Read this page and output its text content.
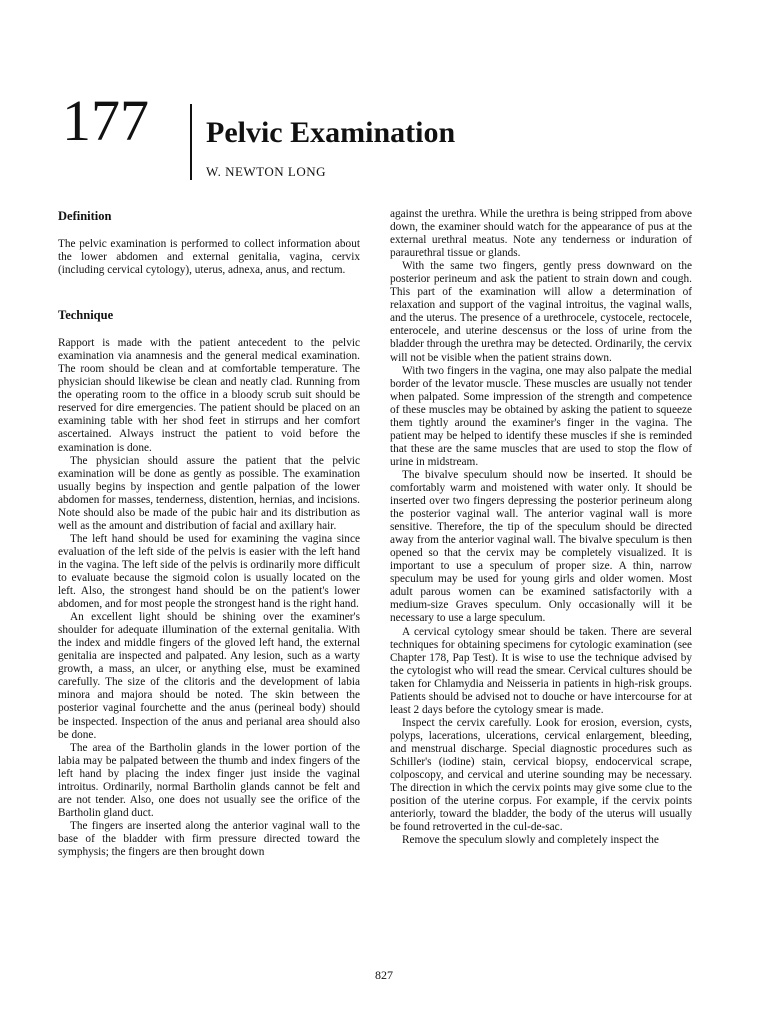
177 Pelvic Examination
W. NEWTON LONG
Definition

The pelvic examination is performed to collect information about the lower abdomen and external genitalia, vagina, cervix (including cervical cytology), uterus, adnexa, anus, and rectum.

Technique

Rapport is made with the patient antecedent to the pelvic examination via anamnesis and the general medical examination. The room should be clean and at comfortable temperature. The physician should likewise be clean and neatly clad. Running from the operating room to the office in a bloody scrub suit should be reserved for dire emergencies. The patient should be placed on an examining table with her shod feet in stirrups and her comfort ascertained. Always instruct the patient to void before the examination is done.

The physician should assure the patient that the pelvic examination will be done as gently as possible. The examination usually begins by inspection and gentle palpation of the lower abdomen for masses, tenderness, distention, hernias, and incisions. Note should also be made of the pubic hair and its distribution as well as the amount and distribution of facial and axillary hair.

The left hand should be used for examining the vagina since evaluation of the left side of the pelvis is easier with the left hand in the vagina. The left side of the pelvis is ordinarily more difficult to evaluate because the sigmoid colon is usually located on the left. Also, the strongest hand should be on the patient's lower abdomen, and for most people the strongest hand is the right hand.

An excellent light should be shining over the examiner's shoulder for adequate illumination of the external genitalia. With the index and middle fingers of the gloved left hand, the external genitalia are inspected and palpated. Any lesion, such as a warty growth, a mass, an ulcer, or anything else, must be examined carefully. The size of the clitoris and the development of labia minora and majora should be noted. The skin between the posterior vaginal fourchette and the anus (perineal body) should be inspected. Inspection of the anus and perianal area should also be done.

The area of the Bartholin glands in the lower portion of the labia may be palpated between the thumb and index fingers of the left hand by placing the index finger just inside the vaginal introitus. Ordinarily, normal Bartholin glands cannot be felt and are not tender. Also, one does not usually see the orifice of the Bartholin gland duct.

The fingers are inserted along the anterior vaginal wall to the base of the bladder with firm pressure directed toward the symphysis; the fingers are then brought down

against the urethra. While the urethra is being stripped from above down, the examiner should watch for the appearance of pus at the external urethral meatus. Note any tenderness or induration of paraurethral tissue or glands.

With the same two fingers, gently press downward on the posterior perineum and ask the patient to strain down and cough. This part of the examination will allow a determination of relaxation and support of the vaginal introitus, the vaginal walls, and the uterus. The presence of a urethrocele, cystocele, rectocele, enterocele, and uterine descensus or the loss of urine from the bladder through the urethra may be detected. Ordinarily, the cervix will not be visible when the patient strains down.

With two fingers in the vagina, one may also palpate the medial border of the levator muscle. These muscles are usually not tender when palpated. Some impression of the strength and competence of these muscles may be obtained by asking the patient to squeeze them tightly around the examiner's finger in the vagina. The patient may be helped to identify these muscles if she is reminded that these are the same muscles that are used to stop the flow of urine in midstream.

The bivalve speculum should now be inserted. It should be comfortably warm and moistened with water only. It should be inserted over two fingers depressing the posterior perineum along the posterior vaginal wall. The anterior vaginal wall is more sensitive. Therefore, the tip of the speculum should be directed away from the anterior vaginal wall. The bivalve speculum is then opened so that the cervix may be completely visualized. It is important to use a speculum of proper size. A thin, narrow speculum may be used for young girls and older women. Most adult parous women can be examined satisfactorily with a medium-size Graves speculum. Only occasionally will it be necessary to use a large speculum.

A cervical cytology smear should be taken. There are several techniques for obtaining specimens for cytologic examination (see Chapter 178, Pap Test). It is wise to use the technique advised by the cytologist who will read the smear. Cervical cultures should be taken for Chlamydia and Neisseria in patients in high-risk groups. Patients should be advised not to douche or have intercourse for at least 2 days before the cytology smear is made.

Inspect the cervix carefully. Look for erosion, eversion, cysts, polyps, lacerations, ulcerations, cervical enlargement, bleeding, and menstrual discharge. Special diagnostic procedures such as Schiller's (iodine) stain, cervical biopsy, endocervical scrape, colposcopy, and cervical and uterine sounding may be necessary. The direction in which the cervix points may give some clue to the position of the uterine corpus. For example, if the cervix points anteriorly, toward the bladder, the body of the uterus will usually be found retroverted in the cul-de-sac.

Remove the speculum slowly and completely inspect the

827
